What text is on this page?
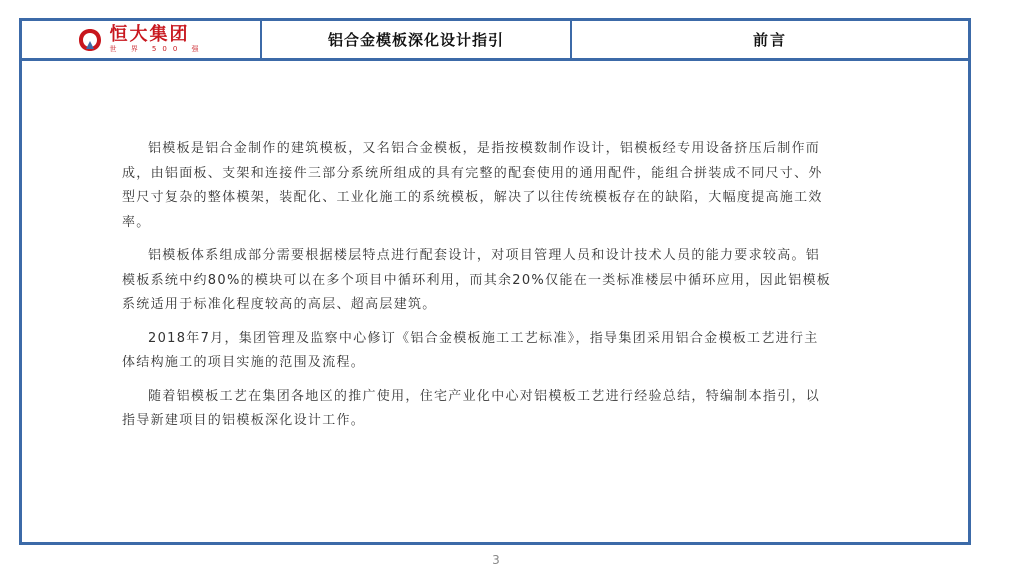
恒大集团
世 界 500 强	铝合金模板深化设计指引	前言

铝模板是铝合金制作的建筑模板，又名铝合金模板，是指按模数制作设计，铝模板经专用设备挤压后制作而成，由铝面板、支架和连接件三部分系统所组成的具有完整的配套使用的通用配件，能组合拼装成不同尺寸、外型尺寸复杂的整体模架，装配化、工业化施工的系统模板，解决了以往传统模板存在的缺陷，大幅度提高施工效率。

铝模板体系组成部分需要根据楼层特点进行配套设计，对项目管理人员和设计技术人员的能力要求较高。铝模板系统中约80%的模块可以在多个项目中循环利用，而其余20%仅能在一类标准楼层中循环应用，因此铝模板系统适用于标准化程度较高的高层、超高层建筑。

2018年7月，集团管理及监察中心修订《铝合金模板施工工艺标准》，指导集团采用铝合金模板工艺进行主体结构施工的项目实施的范围及流程。

随着铝模板工艺在集团各地区的推广使用，住宅产业化中心对铝模板工艺进行经验总结，特编制本指引，以指导新建项目的铝模板深化设计工作。

3
